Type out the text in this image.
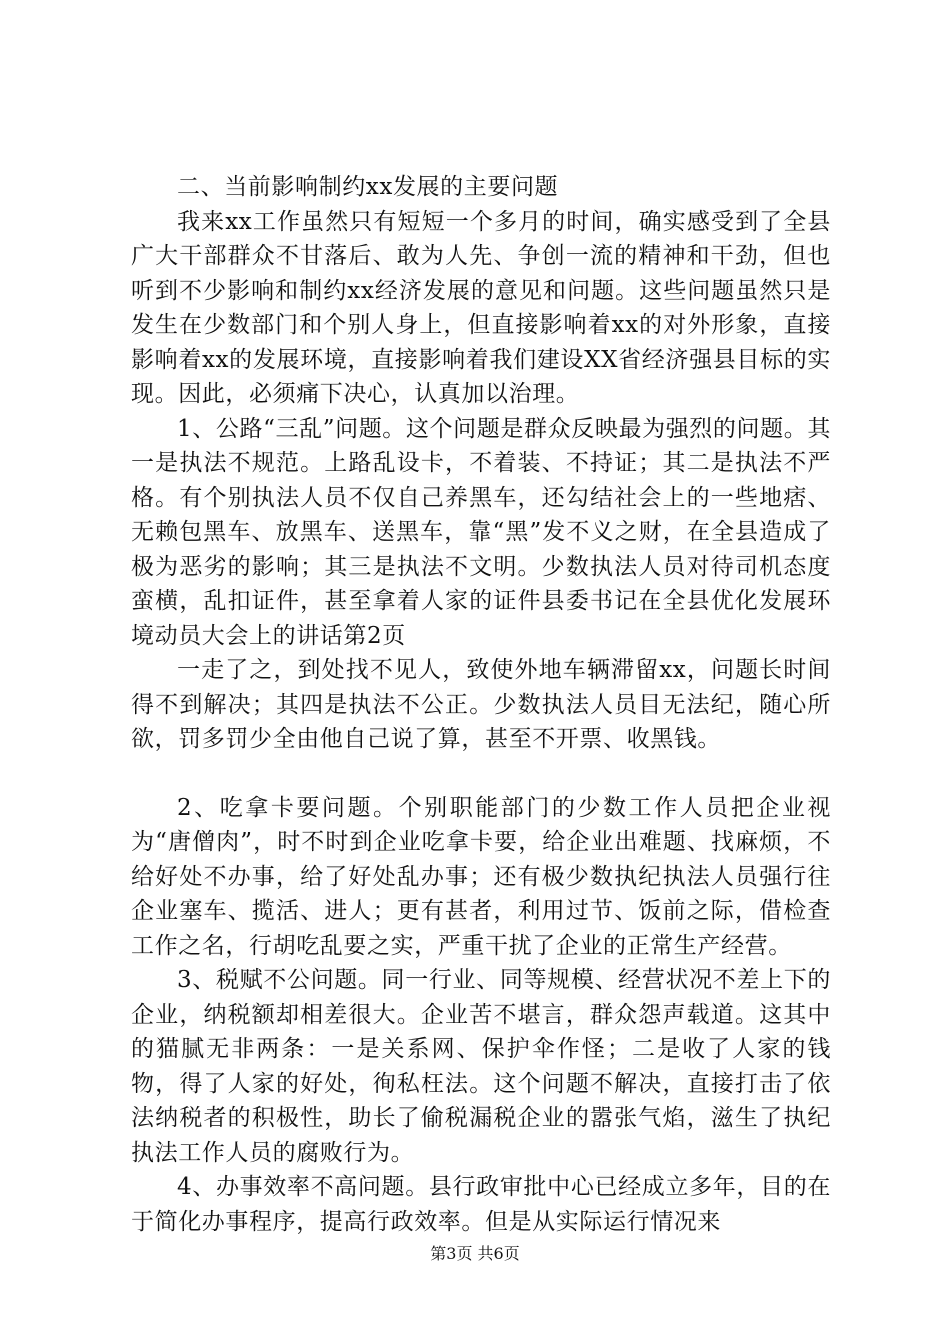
二、当前影响制约xx发展的主要问题

我来xx工作虽然只有短短一个多月的时间，确实感受到了全县广大干部群众不甘落后、敢为人先、争创一流的精神和干劲，但也听到不少影响和制约xx经济发展的意见和问题。这些问题虽然只是发生在少数部门和个别人身上，但直接影响着xx的对外形象，直接影响着xx的发展环境，直接影响着我们建设XX省经济强县目标的实现。因此，必须痛下决心，认真加以治理。

1、公路“三乱”问题。这个问题是群众反映最为强烈的问题。其一是执法不规范。上路乱设卡，不着装、不持证；其二是执法不严格。有个别执法人员不仅自己养黑车，还勾结社会上的一些地痞、无赖包黑车、放黑车、送黑车，靠“黑”发不义之财，在全县造成了极为恶劣的影响；其三是执法不文明。少数执法人员对待司机态度蛮横，乱扣证件，甚至拿着人家的证件县委书记在全县优化发展环境动员大会上的讲话第2页

一走了之，到处找不见人，致使外地车辆滞留xx，问题长时间得不到解决；其四是执法不公正。少数执法人员目无法纪，随心所欲，罚多罚少全由他自己说了算，甚至不开票、收黑钱。

2、吃拿卡要问题。个别职能部门的少数工作人员把企业视为“唐僧肉”，时不时到企业吃拿卡要，给企业出难题、找麻烦，不给好处不办事，给了好处乱办事；还有极少数执纪执法人员强行往企业塞车、揽活、进人；更有甚者，利用过节、饭前之际，借检查工作之名，行胡吃乱要之实，严重干扰了企业的正常生产经营。

3、税赋不公问题。同一行业、同等规模、经营状况不差上下的企业，纳税额却相差很大。企业苦不堪言，群众怨声载道。这其中的猫腻无非两条：一是关系网、保护伞作怪；二是收了人家的钱物，得了人家的好处，徇私枉法。这个问题不解决，直接打击了依法纳税者的积极性，助长了偷税漏税企业的嚣张气焰，滋生了执纪执法工作人员的腐败行为。

4、办事效率不高问题。县行政审批中心已经成立多年，目的在于简化办事程序，提高行政效率。但是从实际运行情况来

第3页 共6页
